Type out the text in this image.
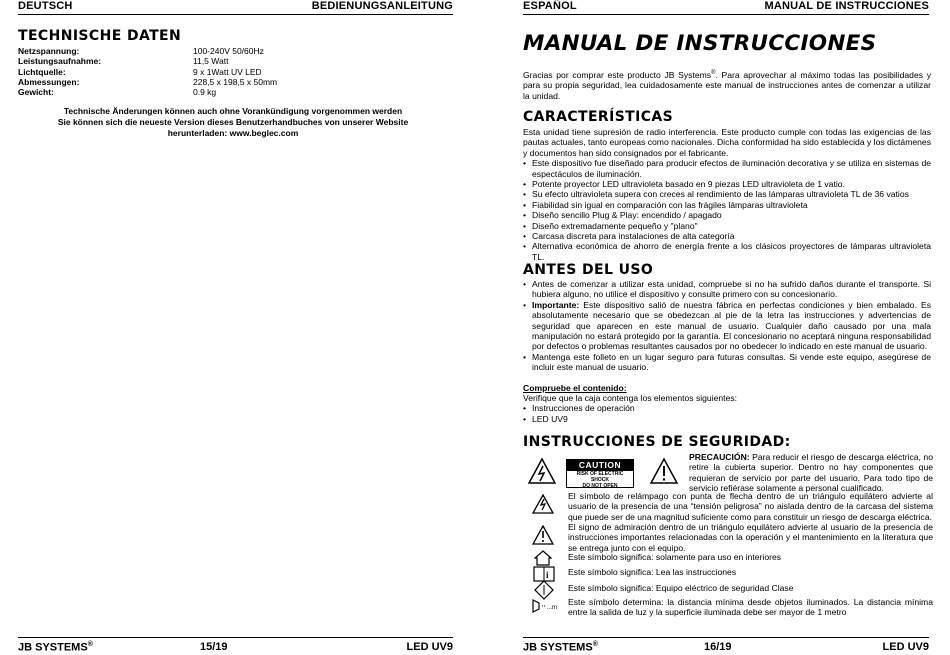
DEUTSCH	BEDIENUNGSANLEITUNG
TECHNISCHE DATEN
Netzspannung:	100-240V 50/60Hz
Leistungsaufnahme:	11,5 Watt
Lichtquelle:	9 x 1Watt UV LED
Abmessungen:	228,5 x 198,5 x 50mm
Gewicht:	0.9 kg
Technische Änderungen können auch ohne Vorankündigung vorgenommen werden
Sie können sich die neueste Version dieses Benutzerhandbuches von unserer Website
herunterladen: www.beglec.com
JB SYSTEMS®	15/19	LED UV9
ESPAÑOL	MANUAL DE INSTRUCCIONES
MANUAL DE INSTRUCCIONES
Gracias por comprar este producto JB Systems®. Para aprovechar al máximo todas las posibilidades y para su propia seguridad, lea cuidadosamente este manual de instrucciones antes de comenzar a utilizar la unidad.
CARACTERÍSTICAS
Esta unidad tiene supresión de radio interferencia. Este producto cumple con todas las exigencias de las pautas actuales, tanto europeas como nacionales. Dicha conformidad ha sido establecida y los dictámenes y documentos han sido consignados por el fabricante.
• Este dispositivo fue diseñado para producir efectos de iluminación decorativa y se utiliza en sistemas de espectáculos de iluminación.
• Potente proyector LED ultravioleta basado en 9 piezas LED ultravioleta de 1 vatio.
• Su efecto ultravioleta supera con creces al rendimiento de las lámparas ultravioleta TL de 36 vatios
• Fiabilidad sin igual en comparación con las frágiles lámparas ultravioleta
• Diseño sencillo Plug & Play: encendido / apagado
• Diseño extremadamente pequeño y "plano"
• Carcasa discreta para instalaciones de alta categoría
• Alternativa económica de ahorro de energía frente a los clásicos proyectores de lámparas ultravioleta TL.
ANTES DEL USO
• Antes de comenzar a utilizar esta unidad, compruebe si no ha sufrido daños durante el transporte. Si hubiera alguno, no utilice el dispositivo y consulte primero con su concesionario.
• Importante: Este dispositivo salió de nuestra fábrica en perfectas condiciones y bien embalado. Es absolutamente necesario que se obedezcan al pie de la letra las instrucciones y advertencias de seguridad que aparecen en este manual de usuario. Cualquier daño causado por una mala manipulación no estará protegido por la garantía. El concesionario no aceptará ninguna responsabilidad por defectos o problemas resultantes causados por no obedecer lo indicado en este manual de usuario.
• Mantenga este folleto en un lugar seguro para futuras consultas. Si vende este equipo, asegúrese de incluir este manual de usuario.
Compruebe el contenido:
Verifique que la caja contenga los elementos siguientes:
• Instrucciones de operación
• LED UV9
INSTRUCCIONES DE SEGURIDAD:
CAUTION
RISK OF ELECTRIC SHOCK
DO NOT OPEN
PRECAUCIÓN: Para reducir el riesgo de descarga eléctrica, no retire la cubierta superior. Dentro no hay componentes que requieran de servicio por parte del usuario. Para todo tipo de servicio refiérase solamente a personal cualificado.
El símbolo de relámpago con punta de flecha dentro de un triángulo equilátero advierte al usuario de la presencia de una “tensión peligrosa” no aislada dentro de la carcasa del sistema que puede ser de una magnitud suficiente como para constituir un riesgo de descarga eléctrica.
El signo de admiración dentro de un triángulo equilátero advierte al usuario de la presencia de instrucciones importantes relacionadas con la operación y el mantenimiento en la literatura que se entrega junto con el equipo.
Este símbolo significa: solamente para uso en interiores
i Este símbolo significa: Lea las instrucciones
Este símbolo significa: Equipo eléctrico de seguridad Clase
...m
Este símbolo determina: la distancia mínima desde objetos iluminados. La distancia mínima entre la salida de luz y la superficie iluminada debe ser mayor de 1 metro
JB SYSTEMS®	16/19	LED UV9
